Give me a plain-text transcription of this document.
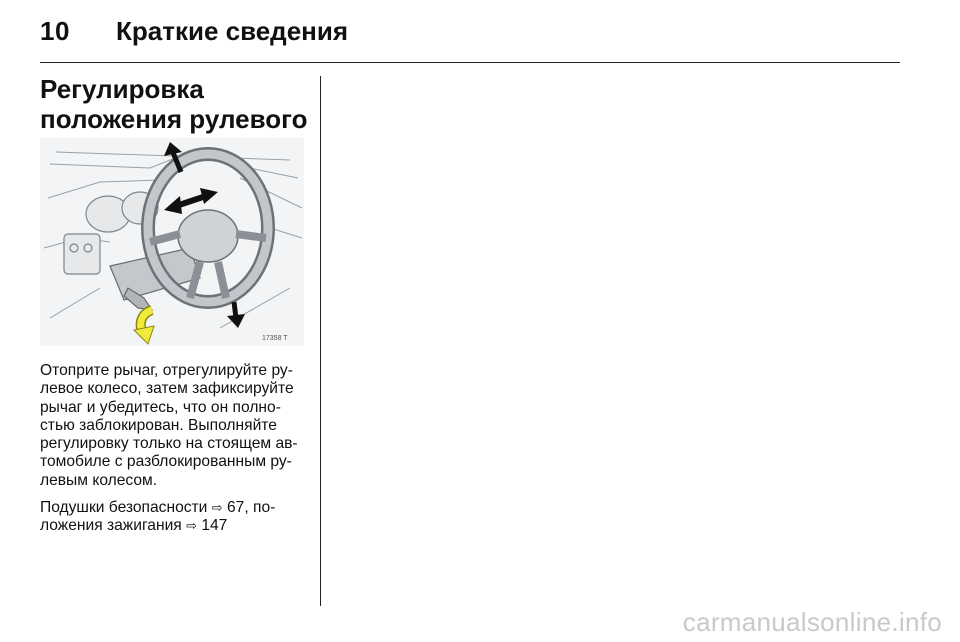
10 Краткие сведения
Регулировка положения рулевого
17358 T

Отоприте рычаг, отрегулируйте ру-левое колесо, затем зафиксируйте рычаг и убедитесь, что он полно-стью заблокирован. Выполняйте регулировку только на стоящем ав-томобиле с разблокированным ру-левым колесом.

Подушки безопасности ⇨ 67, по-
ложения зажигания ⇨ 147

carmanualsonline.info
